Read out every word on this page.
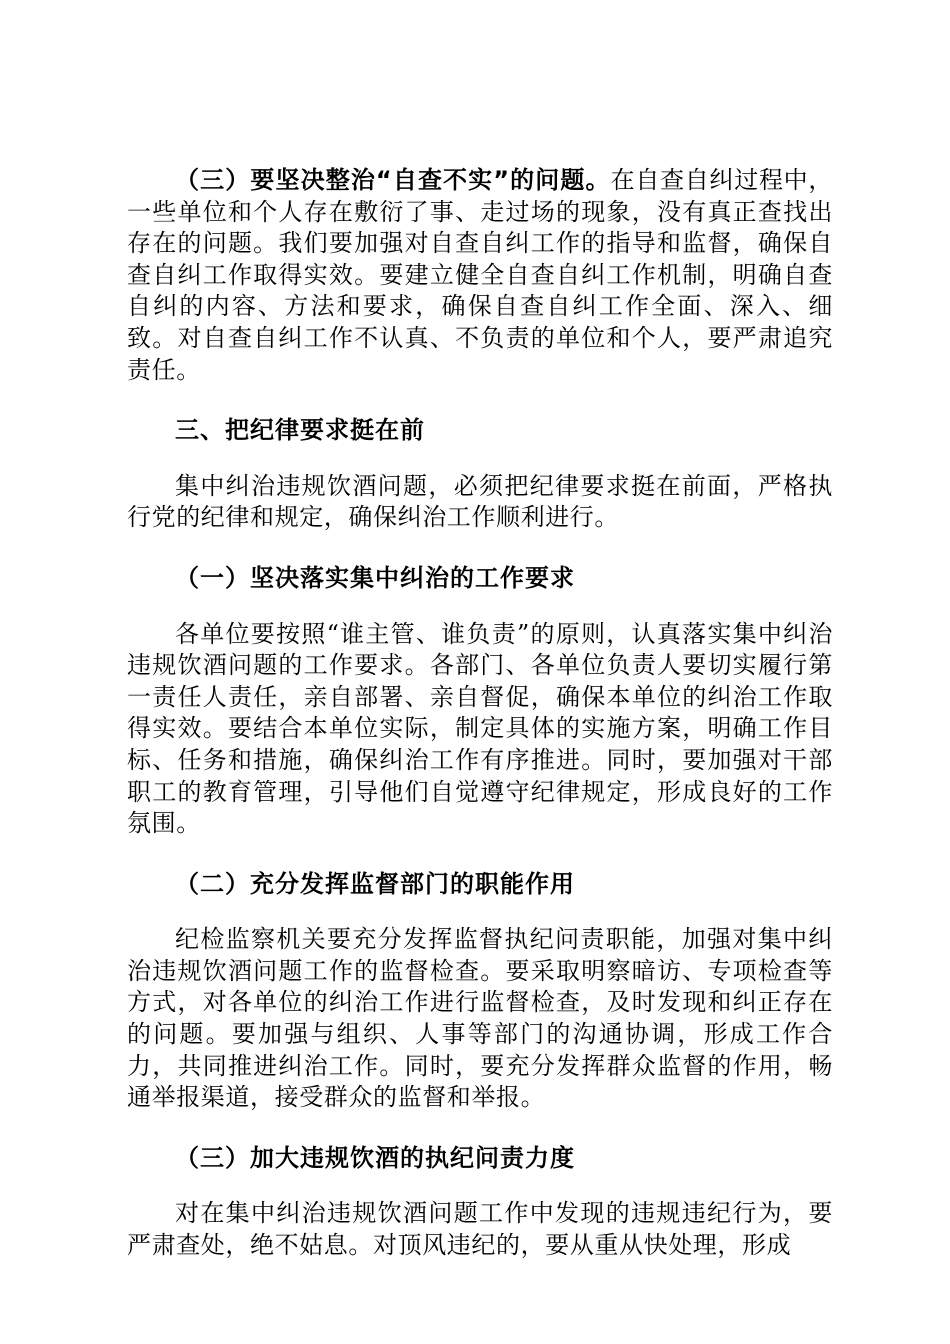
（三）要坚决整治“自查不实”的问题。在自查自纠过程中，一些单位和个人存在敷衍了事、走过场的现象，没有真正查找出存在的问题。我们要加强对自查自纠工作的指导和监督，确保自查自纠工作取得实效。要建立健全自查自纠工作机制，明确自查自纠的内容、方法和要求，确保自查自纠工作全面、深入、细致。对自查自纠工作不认真、不负责的单位和个人，要严肃追究责任。

三、把纪律要求挺在前

集中纠治违规饮酒问题，必须把纪律要求挺在前面，严格执行党的纪律和规定，确保纠治工作顺利进行。

（一）坚决落实集中纠治的工作要求

各单位要按照“谁主管、谁负责”的原则，认真落实集中纠治违规饮酒问题的工作要求。各部门、各单位负责人要切实履行第一责任人责任，亲自部署、亲自督促，确保本单位的纠治工作取得实效。要结合本单位实际，制定具体的实施方案，明确工作目标、任务和措施，确保纠治工作有序推进。同时，要加强对干部职工的教育管理，引导他们自觉遵守纪律规定，形成良好的工作氛围。

（二）充分发挥监督部门的职能作用

纪检监察机关要充分发挥监督执纪问责职能，加强对集中纠治违规饮酒问题工作的监督检查。要采取明察暗访、专项检查等方式，对各单位的纠治工作进行监督检查，及时发现和纠正存在的问题。要加强与组织、人事等部门的沟通协调，形成工作合力，共同推进纠治工作。同时，要充分发挥群众监督的作用，畅通举报渠道，接受群众的监督和举报。

（三）加大违规饮酒的执纪问责力度

对在集中纠治违规饮酒问题工作中发现的违规违纪行为，要严肃查处，绝不姑息。对顶风违纪的，要从重从快处理，形成
